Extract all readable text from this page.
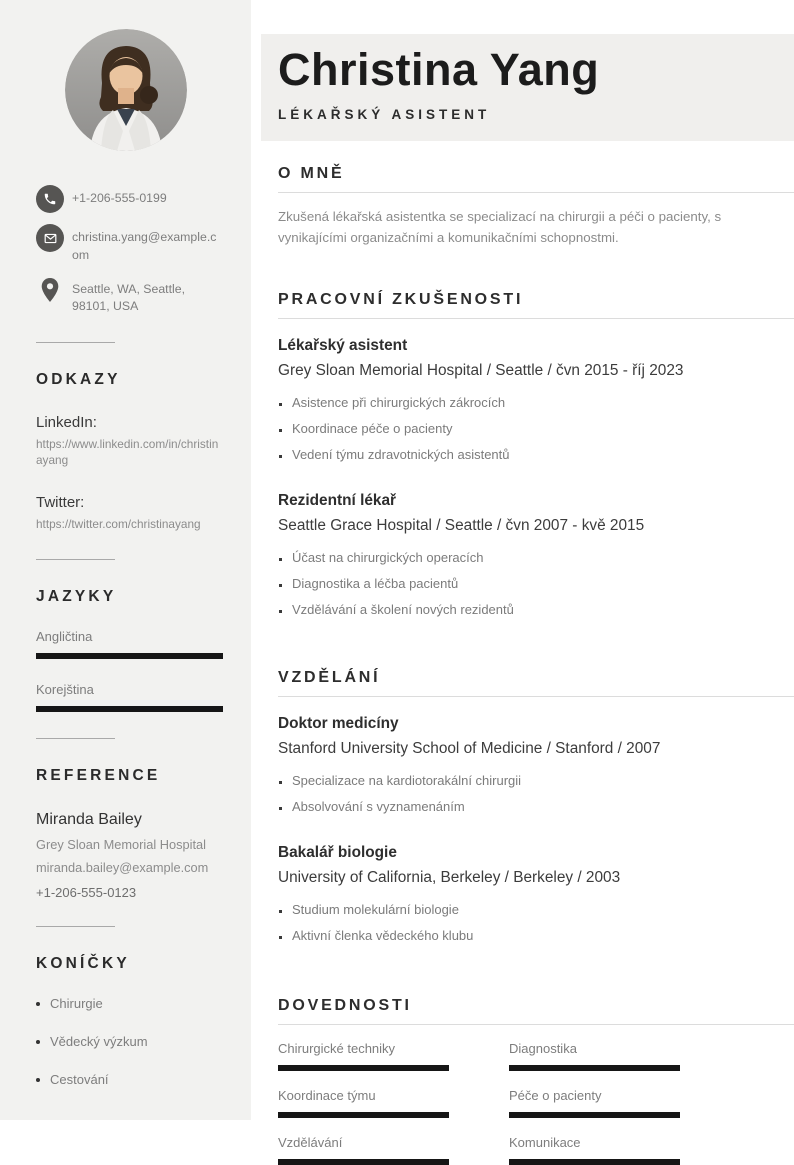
+1-206-555-0199
christina.yang@example.com
Seattle, WA, Seattle, 98101, USA
ODKAZY
LinkedIn:
https://www.linkedin.com/in/christinayang
Twitter:
https://twitter.com/christinayang
JAZYKY
Angličtina
Korejština
REFERENCE
Miranda Bailey
Grey Sloan Memorial Hospital
miranda.bailey@example.com
+1-206-555-0123
KONÍČKY
Chirurgie
Vědecký výzkum
Cestování
Christina Yang
LÉKAŘSKÝ ASISTENT
O MNĚ

Zkušená lékařská asistentka se specializací na chirurgii a péči o pacienty, s vynikajícími organizačními a komunikačními schopnostmi.

PRACOVNÍ ZKUŠENOSTI
Lékařský asistent
Grey Sloan Memorial Hospital / Seattle / čvn 2015 - říj 2023
Asistence při chirurgických zákrocích
Koordinace péče o pacienty
Vedení týmu zdravotnických asistentů
Rezidentní lékař
Seattle Grace Hospital / Seattle / čvn 2007 - kvě 2015
Účast na chirurgických operacích
Diagnostika a léčba pacientů
Vzdělávání a školení nových rezidentů
VZDĚLÁNÍ
Doktor medicíny
Stanford University School of Medicine / Stanford / 2007
Specializace na kardiotorakální chirurgii
Absolvování s vyznamenáním
Bakalář biologie
University of California, Berkeley / Berkeley / 2003
Studium molekulární biologie
Aktivní členka vědeckého klubu
DOVEDNOSTI
Chirurgické techniky	Diagnostika
Koordinace týmu	Péče o pacienty
Vzdělávání	Komunikace
